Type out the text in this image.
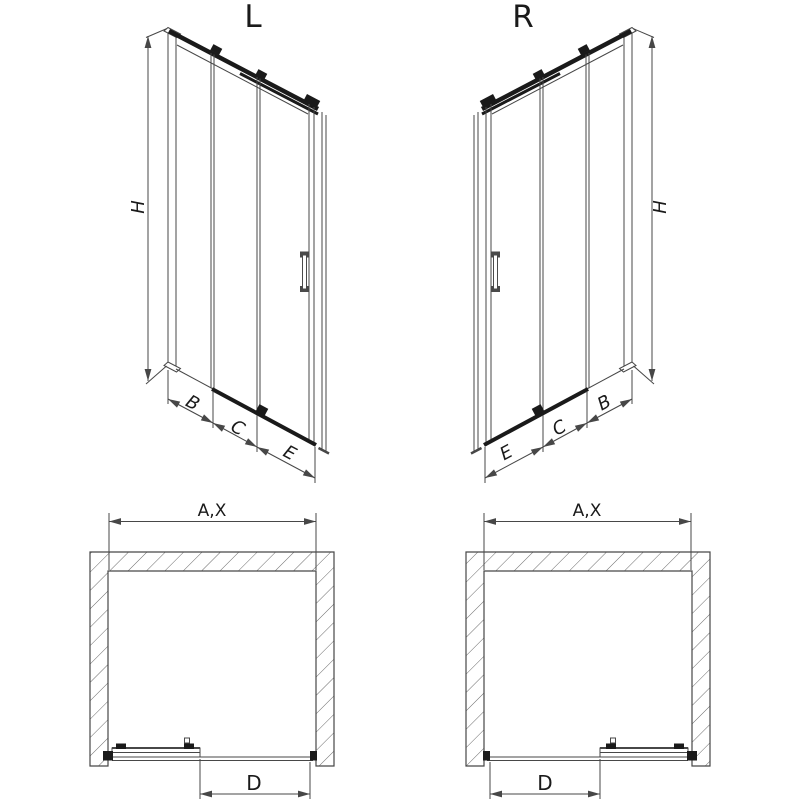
L	R
H	H
B
C
E	E
C
B
A,X	A,X
D	D
